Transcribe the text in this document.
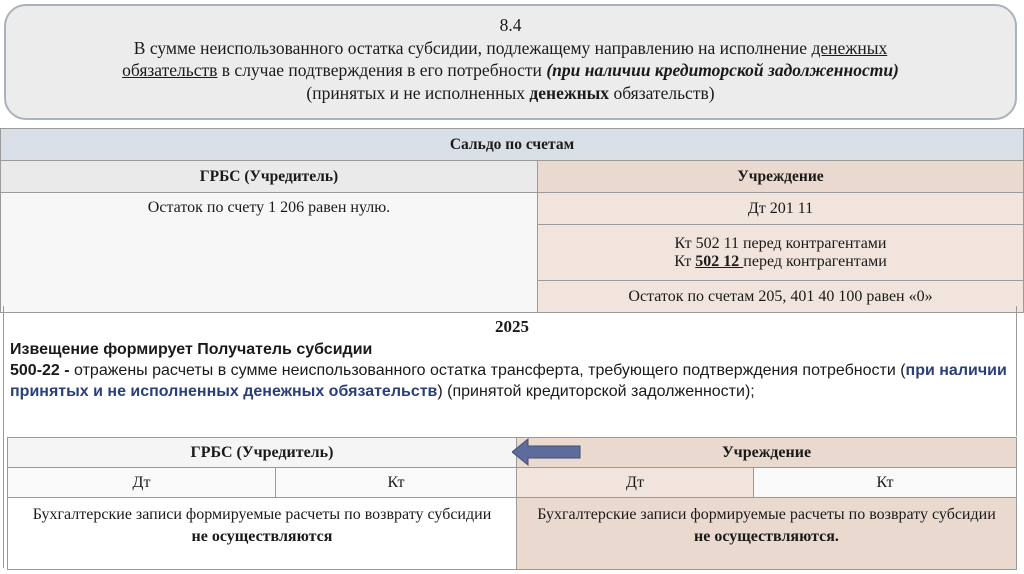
8.4
В сумме неиспользованного остатка субсидии, подлежащему направлению на исполнение денежных
обязательств в случае подтверждения в его потребности (при наличии кредиторской задолженности)
(принятых и не исполненных денежных обязательств)
Сальдо по счетам	
ГРБС (Учредитель)	Учреждение
Остаток по счету 1 206 равен нулю.	Дт 201 11

	Кт 502 11 перед контрагентами
Кт 502 12 перед контрагентами

	Остаток по счетам 205, 401 40 100 равен «0»
2025
Извещение формирует Получатель субсидии
500-22 - отражены расчеты в сумме неиспользованного остатка трансферта, требующего подтверждения потребности (при наличии принятых и не исполненных денежных обязательств) (принятой кредиторской задолженности);
ГРБС (Учредитель)		Учреждение	
Дт	Кт	Дт	Кт
Бухгалтерские записи формируемые расчеты по возврату субсидии не осуществляются		Бухгалтерские записи формируемые расчеты по возврату субсидии не осуществляются.	
